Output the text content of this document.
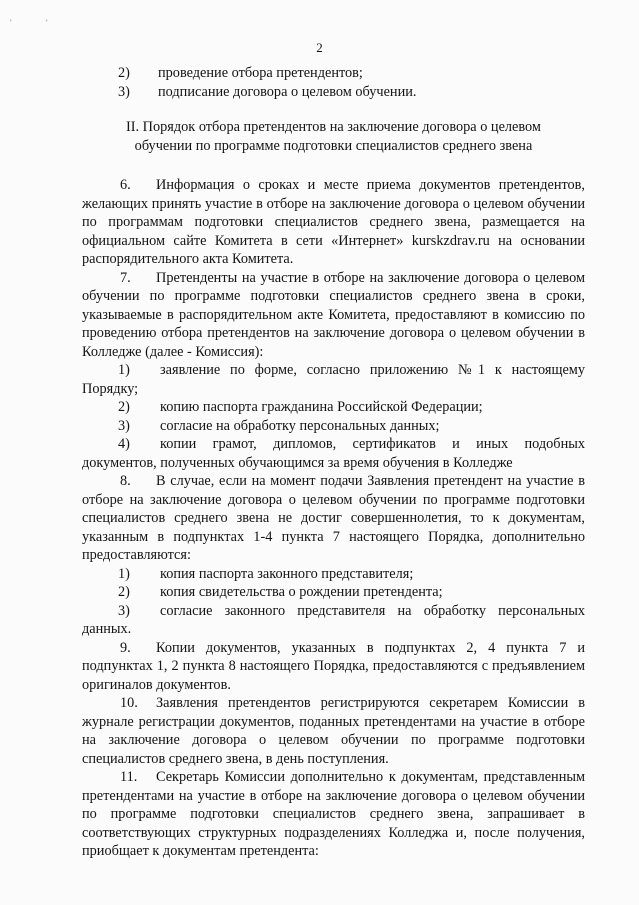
'	'
2
2)	проведение отбора претендентов;
3)	подписание договора о целевом обучении.
II. Порядок отбора претендентов на заключение договора о целевом
обучении по программе подготовки специалистов среднего звена

6. Информация о сроках и месте приема документов претендентов, желающих принять участие в отборе на заключение договора о целевом обучении по программам подготовки специалистов среднего звена, размещается на официальном сайте Комитета в сети «Интернет» kurskzdrav.ru на основании распорядительного акта Комитета.

7. Претенденты на участие в отборе на заключение договора о целевом обучении по программе подготовки специалистов среднего звена в сроки, указываемые в распорядительном акте Комитета, предоставляют в комиссию по проведению отбора претендентов на заключение договора о целевом обучении в Колледже (далее - Комиссия):

1) заявление по форме, согласно приложению №1 к настоящему Порядку;

2) копию паспорта гражданина Российской Федерации;

3) согласие на обработку персональных данных;

4) копии грамот, дипломов, сертификатов и иных подобных документов, полученных обучающимся за время обучения в Колледже

8. В случае, если на момент подачи Заявления претендент на участие в отборе на заключение договора о целевом обучении по программе подготовки специалистов среднего звена не достиг совершеннолетия, то к документам, указанным в подпунктах 1-4 пункта 7 настоящего Порядка, дополнительно предоставляются:

1) копия паспорта законного представителя;

2) копия свидетельства о рождении претендента;

3) согласие законного представителя на обработку персональных данных.

9. Копии документов, указанных в подпунктах 2, 4 пункта 7 и подпунктах 1, 2 пункта 8 настоящего Порядка, предоставляются с предъявлением оригиналов документов.

10. Заявления претендентов регистрируются секретарем Комиссии в журнале регистрации документов, поданных претендентами на участие в отборе на заключение договора о целевом обучении по программе подготовки специалистов среднего звена, в день поступления.

11. Секретарь Комиссии дополнительно к документам, представленным претендентами на участие в отборе на заключение договора о целевом обучении по программе подготовки специалистов среднего звена, запрашивает в соответствующих структурных подразделениях Колледжа и, после получения, приобщает к документам претендента:
